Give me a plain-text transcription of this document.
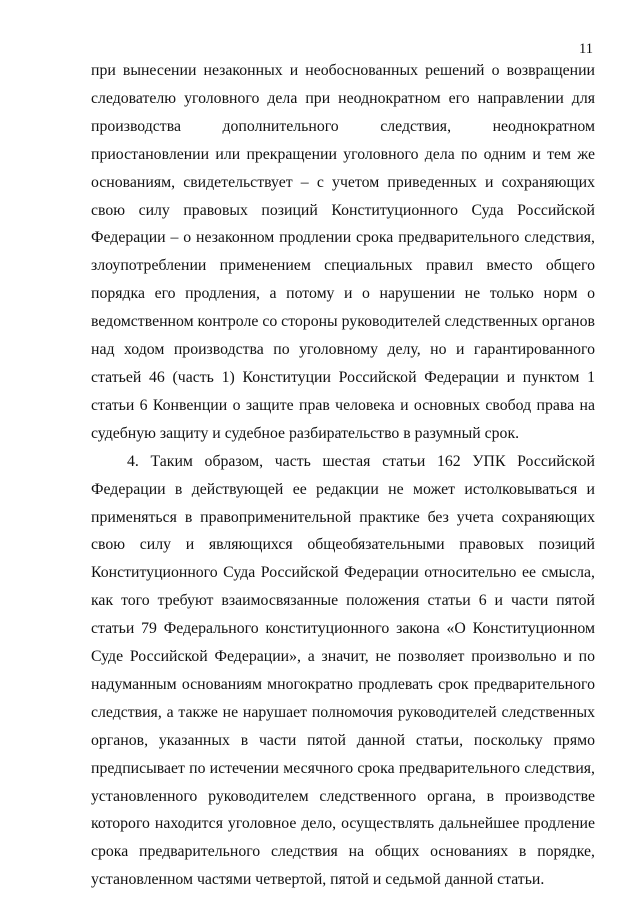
11

при вынесении незаконных и необоснованных решений о возвращении следователю уголовного дела при неоднократном его направлении для производства дополнительного следствия, неоднократном приостановлении или прекращении уголовного дела по одним и тем же основаниям, свидетельствует – с учетом приведенных и сохраняющих свою силу правовых позиций Конституционного Суда Российской Федерации – о незаконном продлении срока предварительного следствия, злоупотреблении применением специальных правил вместо общего порядка его продления, а потому и о нарушении не только норм о ведомственном контроле со стороны руководителей следственных органов над ходом производства по уголовному делу, но и гарантированного статьей 46 (часть 1) Конституции Российской Федерации и пунктом 1 статьи 6 Конвенции о защите прав человека и основных свобод права на судебную защиту и судебное разбирательство в разумный срок.

4. Таким образом, часть шестая статьи 162 УПК Российской Федерации в действующей ее редакции не может истолковываться и применяться в правоприменительной практике без учета сохраняющих свою силу и являющихся общеобязательными правовых позиций Конституционного Суда Российской Федерации относительно ее смысла, как того требуют взаимосвязанные положения статьи 6 и части пятой статьи 79 Федерального конституционного закона «О Конституционном Суде Российской Федерации», а значит, не позволяет произвольно и по надуманным основаниям многократно продлевать срок предварительного следствия, а также не нарушает полномочия руководителей следственных органов, указанных в части пятой данной статьи, поскольку прямо предписывает по истечении месячного срока предварительного следствия, установленного руководителем следственного органа, в производстве которого находится уголовное дело, осуществлять дальнейшее продление срока предварительного следствия на общих основаниях в порядке, установленном частями четвертой, пятой и седьмой данной статьи.
